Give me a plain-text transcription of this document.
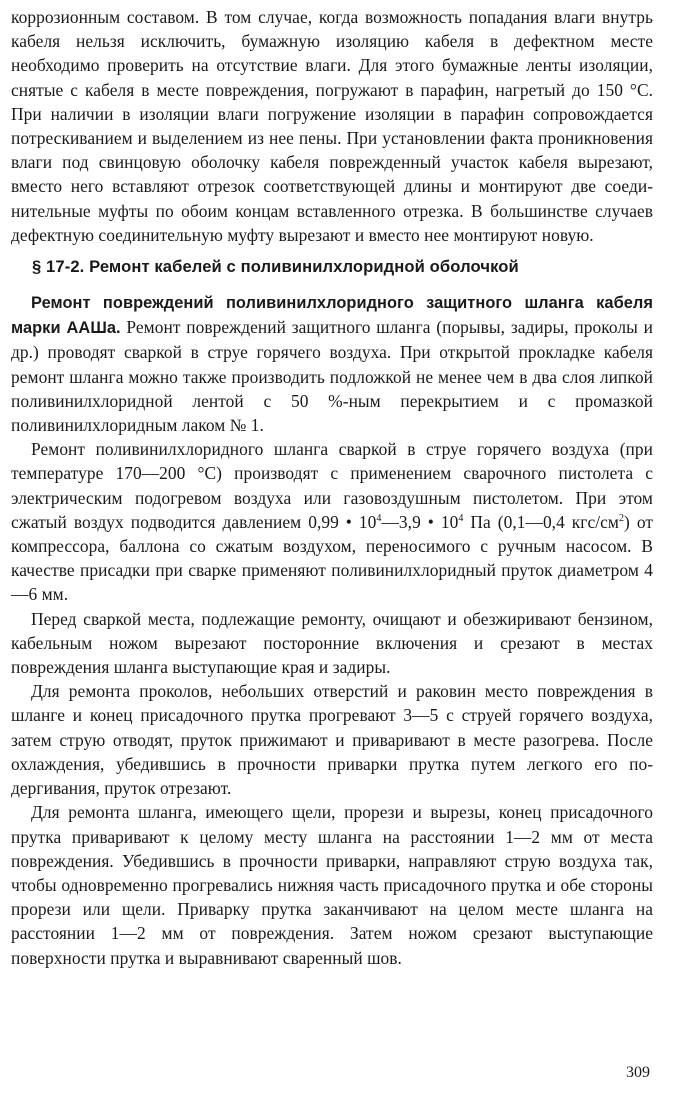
коррозионным составом. В том случае, когда возможность попадания влаги внутрь кабеля нельзя исключить, бумажную изоляцию кабеля в дефектном месте необходимо проверить на отсутствие влаги. Для этого бумажные ленты изоляции, снятые с кабеля в месте повреждения, погружают в парафин, нагретый до 150 °С. При наличии в изоляции влаги погружение изоляции в парафин сопровождается потрескиванием и выделением из нее пены. При установлении факта проникновения влаги под свинцовую оболочку кабеля поврежденный участок кабеля вырезают, вместо него вставляют отрезок соответствующей длины и монтируют две соединительные муфты по обоим концам вставленного отрезка. В большинстве случаев дефектную соединительную муфту вырезают и вместо нее монтируют новую.

§ 17-2. Ремонт кабелей с поливинилхлоридной оболочкой

Ремонт повреждений поливинилхлоридного защитного шланга кабеля марки ААШа. Ремонт повреждений защитного шланга (порывы, задиры, проколы и др.) проводят сваркой в струе горячего воздуха. При открытой прокладке кабеля ремонт шланга можно также производить подложкой не менее чем в два слоя липкой поливинилхлоридной лентой с 50 %-ным перекрытием и с промазкой поливинилхлоридным лаком № 1.

Ремонт поливинилхлоридного шланга сваркой в струе горячего воздуха (при температуре 170—200 °С) производят с применением сварочного пистолета с электрическим подогревом воздуха или газовоздушным пистолетом. При этом сжатый воздух подводится давлением 0,99 • $10^4—3,9$ • $10^4$ Па (0,1—0,4 кгс/$см^2$) от компрессора, баллона со сжатым воздухом, переносимого с ручным насосом. В качестве присадки при сварке применяют поливинилхлоридный пруток диаметром 4—6 мм.

Перед сваркой места, подлежащие ремонту, очищают и обезжиривают бензином, кабельным ножом вырезают посторонние включения и срезают в местах повреждения шланга выступающие края и задиры.

Для ремонта проколов, небольших отверстий и раковин место повреждения в шланге и конец присадочного прутка прогревают 3—5 с струей горячего воздуха, затем струю отводят, пруток прижимают и приваривают в месте разогрева. После охлаждения, убедившись в прочности приварки прутка путем легкого его подергивания, пруток отрезают.

Для ремонта шланга, имеющего щели, прорези и вырезы, конец присадочного прутка приваривают к целому месту шланга на расстоянии 1—2 мм от места повреждения. Убедившись в прочности приварки, направляют струю воздуха так, чтобы одновременно прогревались нижняя часть присадочного прутка и обе стороны прорези или щели. Приварку прутка заканчивают на целом месте шланга на расстоянии 1—2 мм от повреждения. Затем ножом срезают выступающие поверхности прутка и выравнивают сваренный шов.

309
